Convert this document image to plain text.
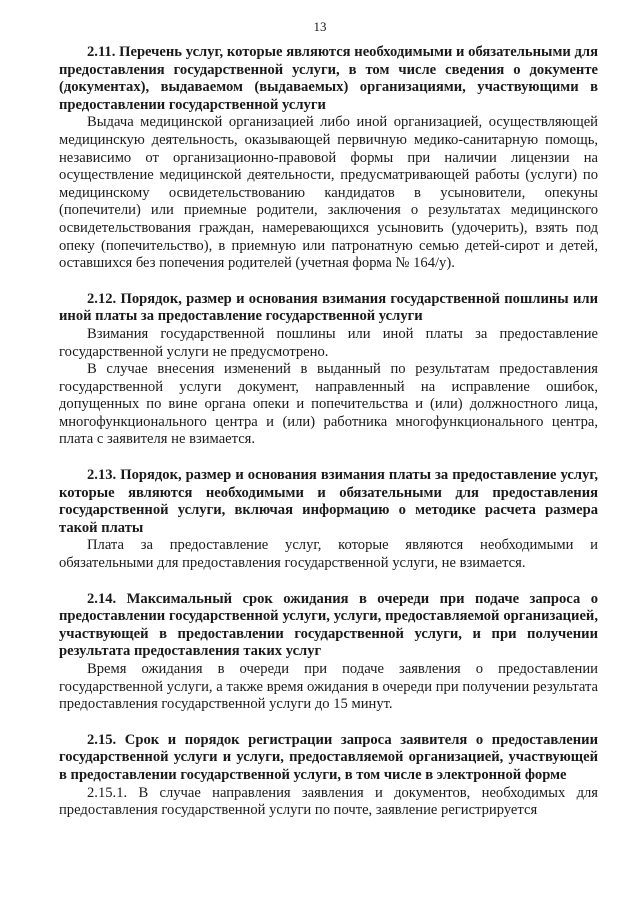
13
2.11. Перечень услуг, которые являются необходимыми и обязательными для предоставления государственной услуги, в том числе сведения о документе (документах), выдаваемом (выдаваемых) организациями, участвующими в предоставлении государственной услуги

Выдача медицинской организацией либо иной организацией, осуществляющей медицинскую деятельность, оказывающей первичную медико-санитарную помощь, независимо от организационно-правовой формы при наличии лицензии на осуществление медицинской деятельности, предусматривающей работы (услуги) по медицинскому освидетельствованию кандидатов в усыновители, опекуны (попечители) или приемные родители, заключения о результатах медицинского освидетельствования граждан, намеревающихся усыновить (удочерить), взять под опеку (попечительство), в приемную или патронатную семью детей-сирот и детей, оставшихся без попечения родителей (учетная форма № 164/у).

2.12. Порядок, размер и основания взимания государственной пошлины или иной платы за предоставление государственной услуги

Взимания государственной пошлины или иной платы за предоставление государственной услуги не предусмотрено.

В случае внесения изменений в выданный по результатам предоставления государственной услуги документ, направленный на исправление ошибок, допущенных по вине органа опеки и попечительства и (или) должностного лица, многофункционального центра и (или) работника многофункционального центра, плата с заявителя не взимается.

2.13. Порядок, размер и основания взимания платы за предоставление услуг, которые являются необходимыми и обязательными для предоставления государственной услуги, включая информацию о методике расчета размера такой платы

Плата за предоставление услуг, которые являются необходимыми и обязательными для предоставления государственной услуги, не взимается.

2.14. Максимальный срок ожидания в очереди при подаче запроса о предоставлении государственной услуги, услуги, предоставляемой организацией, участвующей в предоставлении государственной услуги, и при получении результата предоставления таких услуг

Время ожидания в очереди при подаче заявления о предоставлении государственной услуги, а также время ожидания в очереди при получении результата предоставления государственной услуги до 15 минут.

2.15. Срок и порядок регистрации запроса заявителя о предоставлении государственной услуги и услуги, предоставляемой организацией, участвующей в предоставлении государственной услуги, в том числе в электронной форме

2.15.1. В случае направления заявления и документов, необходимых для предоставления государственной услуги по почте, заявление регистрируется
